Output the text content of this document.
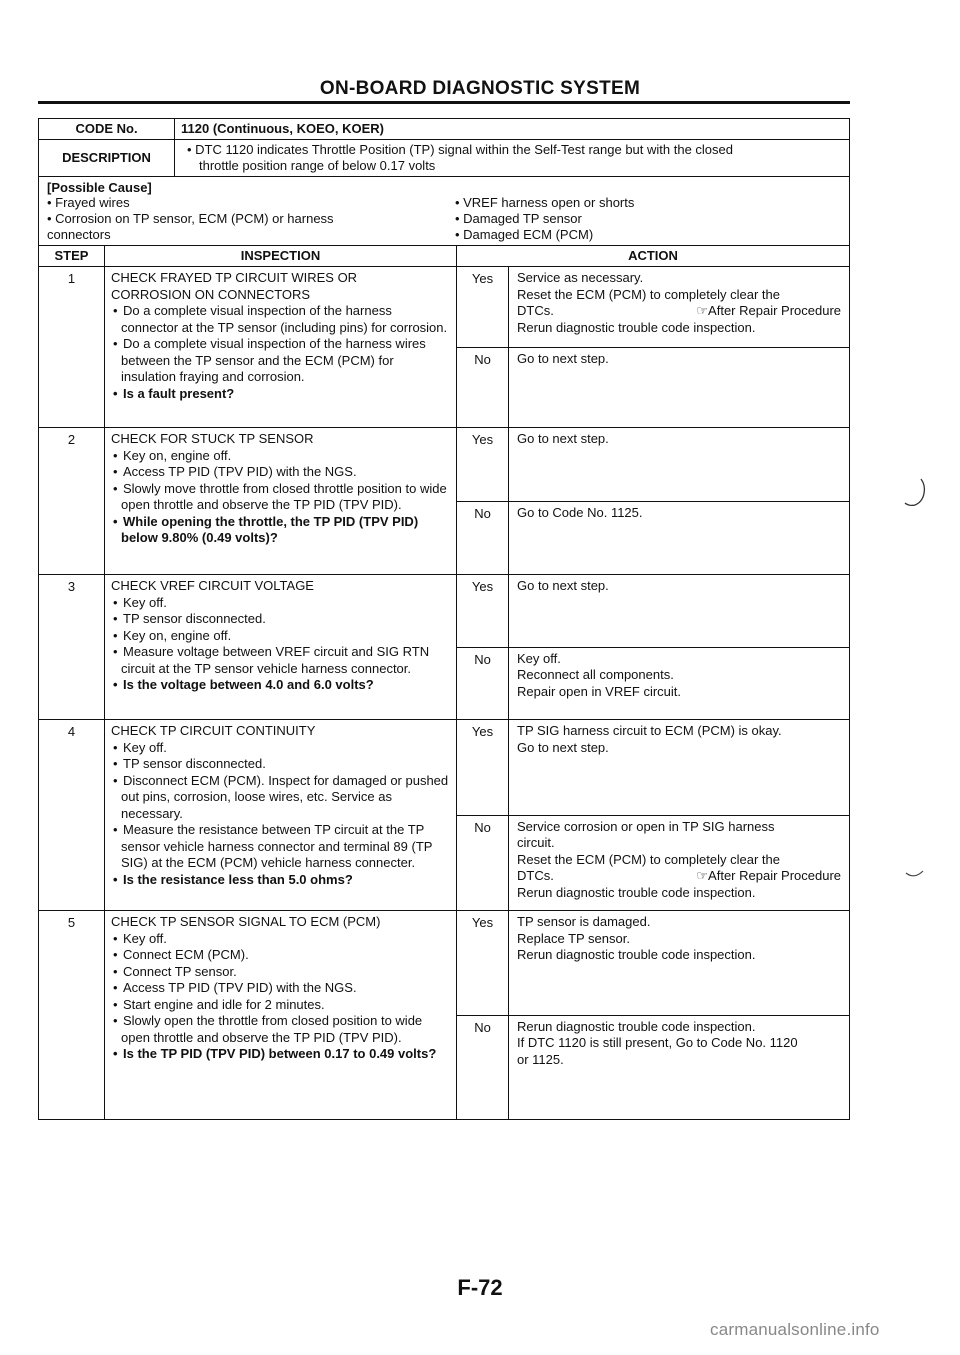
ON-BOARD DIAGNOSTIC SYSTEM
CODE No.	1120 (Continuous, KOEO, KOER)
DESCRIPTION
• DTC 1120 indicates Throttle Position (TP) signal within the Self-Test range but with the closed
throttle position range of below 0.17 volts
[Possible Cause]
• Frayed wires
• Corrosion on TP sensor, ECM (PCM) or harness
connectors
• VREF harness open or shorts
• Damaged TP sensor
• Damaged ECM (PCM)
STEP	INSPECTION	ACTION
1	CHECK FRAYED TP CIRCUIT WIRES OR
CORROSION ON CONNECTORS
• Do a complete visual inspection of the harness connector at the TP sensor (including pins) for corrosion.
• Do a complete visual inspection of the harness wires between the TP sensor and the ECM (PCM) for insulation fraying and corrosion.
• Is a fault present?
Yes	Service as necessary.
Reset the ECM (PCM) to completely clear the
DTCs.	☞After Repair Procedure
Rerun diagnostic trouble code inspection.
No	Go to next step.
2	CHECK FOR STUCK TP SENSOR
• Key on, engine off.
• Access TP PID (TPV PID) with the NGS.
• Slowly move throttle from closed throttle position to wide open throttle and observe the TP PID (TPV PID).
• While opening the throttle, the TP PID (TPV PID) below 9.80% (0.49 volts)?
Yes	Go to next step.
No	Go to Code No. 1125.
3	CHECK VREF CIRCUIT VOLTAGE
• Key off.
• TP sensor disconnected.
• Key on, engine off.
• Measure voltage between VREF circuit and SIG RTN circuit at the TP sensor vehicle harness connector.
• Is the voltage between 4.0 and 6.0 volts?
Yes	Go to next step.
No	Key off.
Reconnect all components.
Repair open in VREF circuit.
4	CHECK TP CIRCUIT CONTINUITY
• Key off.
• TP sensor disconnected.
• Disconnect ECM (PCM). Inspect for damaged or pushed out pins, corrosion, loose wires, etc. Service as necessary.
• Measure the resistance between TP circuit at the TP sensor vehicle harness connector and terminal 89 (TP SIG) at the ECM (PCM) vehicle harness connecter.
• Is the resistance less than 5.0 ohms?
Yes	TP SIG harness circuit to ECM (PCM) is okay.
Go to next step.
No	Service corrosion or open in TP SIG harness
circuit.
Reset the ECM (PCM) to completely clear the
DTCs.	☞After Repair Procedure
Rerun diagnostic trouble code inspection.
5	CHECK TP SENSOR SIGNAL TO ECM (PCM)
• Key off.
• Connect ECM (PCM).
• Connect TP sensor.
• Access TP PID (TPV PID) with the NGS.
• Start engine and idle for 2 minutes.
• Slowly open the throttle from closed position to wide open throttle and observe the TP PID (TPV PID).
• Is the TP PID (TPV PID) between 0.17 to 0.49 volts?
Yes	TP sensor is damaged.
Replace TP sensor.
Rerun diagnostic trouble code inspection.
No	Rerun diagnostic trouble code inspection.
If DTC 1120 is still present, Go to Code No. 1120
or 1125.
F-72
carmanualsonline.info
